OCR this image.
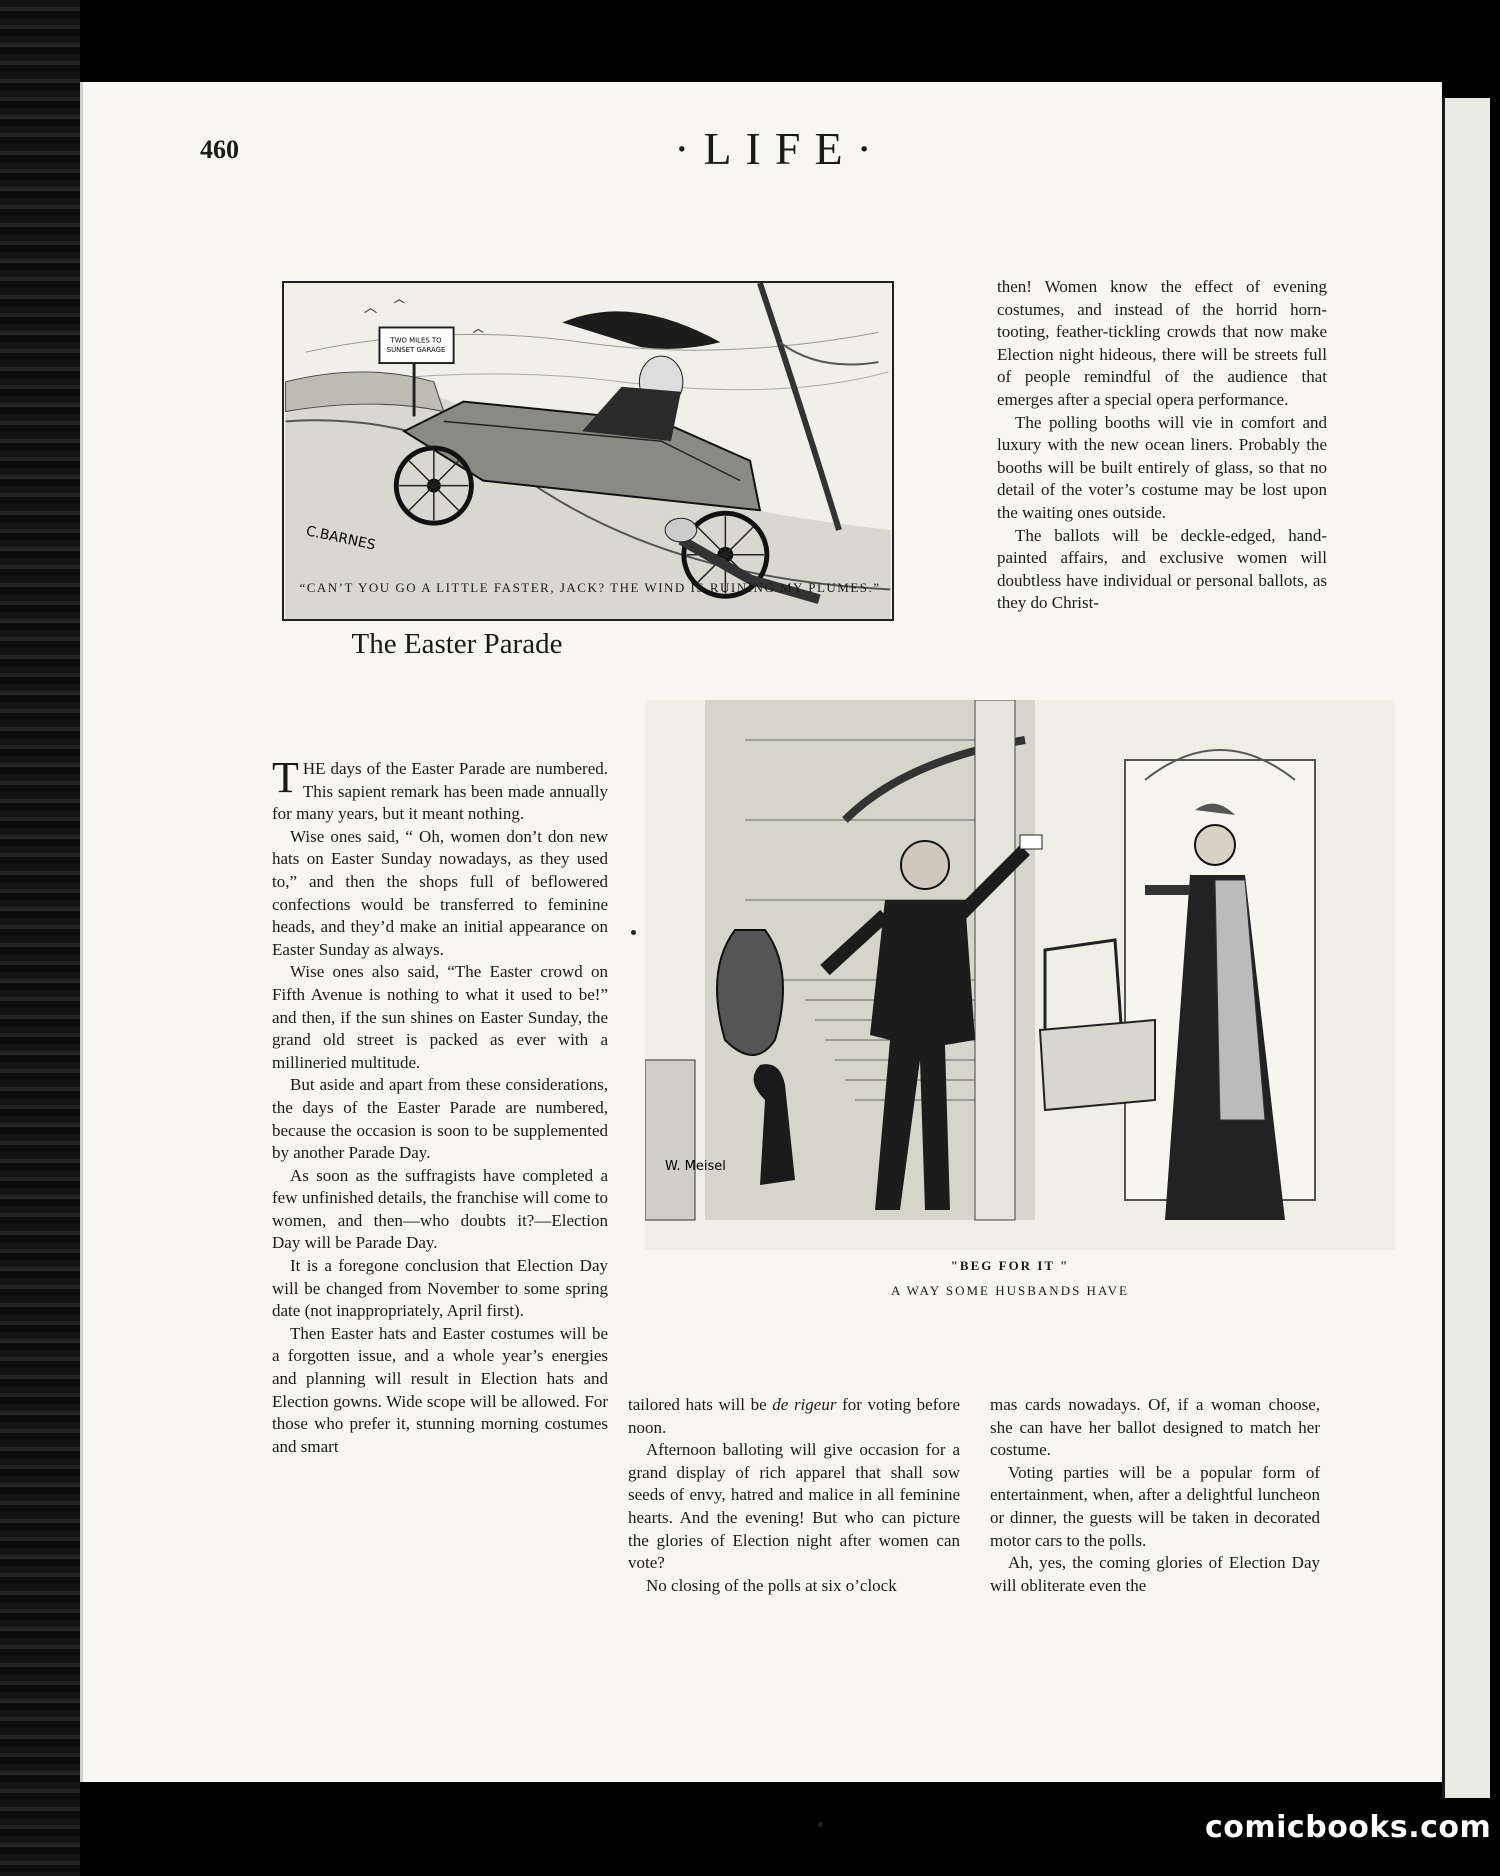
460	·LIFE·
TWO MILES TO
SUNSET GARAGE
C.BARNES
“CAN’T YOU GO A LITTLE FASTER, JACK? THE WIND IS RUINING MY PLUMES.”
W. Meisel
"BEG FOR IT "
A WAY SOME HUSBANDS HAVE
The Easter Parade

THE days of the Easter Parade are numbered. This sapient remark has been made annually for many years, but it meant nothing.

Wise ones said, “ Oh, women don’t don new hats on Easter Sunday nowadays, as they used to,” and then the shops full of beflowered confections would be transferred to feminine heads, and they’d make an initial appearance on Easter Sunday as always.

Wise ones also said, “The Easter crowd on Fifth Avenue is nothing to what it used to be!” and then, if the sun shines on Easter Sunday, the grand old street is packed as ever with a millineried multitude.

But aside and apart from these considerations, the days of the Easter Parade are numbered, because the occasion is soon to be supplemented by another Parade Day.

As soon as the suffragists have completed a few unfinished details, the franchise will come to women, and then—who doubts it?—Election Day will be Parade Day.

It is a foregone conclusion that Election Day will be changed from November to some spring date (not inappropriately, April first).

Then Easter hats and Easter costumes will be a forgotten issue, and a whole year’s energies and planning will result in Election hats and Election gowns. Wide scope will be allowed. For those who prefer it, stunning morning costumes and smart

tailored hats will be de rigeur for voting before noon.

Afternoon balloting will give occasion for a grand display of rich apparel that shall sow seeds of envy, hatred and malice in all feminine hearts. And the evening! But who can picture the glories of Election night after women can vote?

No closing of the polls at six o’clock

then! Women know the effect of evening costumes, and instead of the horrid horn-tooting, feather-tickling crowds that now make Election night hideous, there will be streets full of people remindful of the audience that emerges after a special opera performance.

The polling booths will vie in comfort and luxury with the new ocean liners. Probably the booths will be built entirely of glass, so that no detail of the voter’s costume may be lost upon the waiting ones outside.

The ballots will be deckle-edged, hand-painted affairs, and exclusive women will doubtless have individual or personal ballots, as they do Christ-

mas cards nowadays. Of, if a woman choose, she can have her ballot designed to match her costume.

Voting parties will be a popular form of entertainment, when, after a delightful luncheon or dinner, the guests will be taken in decorated motor cars to the polls.

Ah, yes, the coming glories of Election Day will obliterate even the

comicbooks.com
